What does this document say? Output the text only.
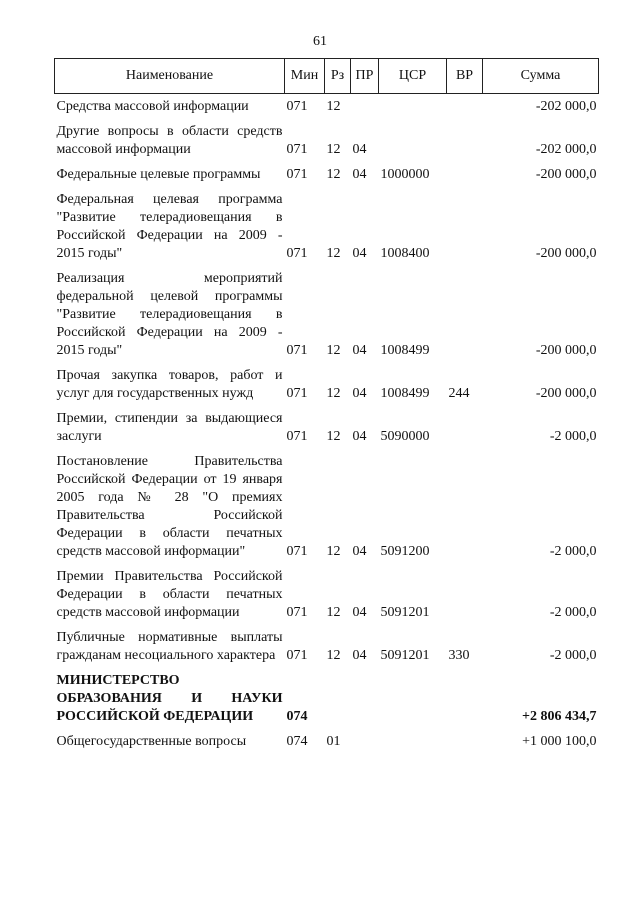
61
Наименование	Мин	Рз	ПР	ЦСР	ВР	Сумма
Средства массовой информации	071	12				-202 000,0
Другие вопросы в области средств массовой информации	071	12	04			-202 000,0
Федеральные целевые программы	071	12	04	1000000		-200 000,0
Федеральная целевая программа "Развитие телерадиовещания в Российской Федерации на 2009 - 2015 годы"	071	12	04	1008400		-200 000,0
Реализация мероприятий федеральной целевой программы "Развитие телерадиовещания в Российской Федерации на 2009 - 2015 годы"	071	12	04	1008499		-200 000,0
Прочая закупка товаров, работ и услуг для государственных нужд	071	12	04	1008499	244	-200 000,0
Премии, стипендии за выдающиеся заслуги	071	12	04	5090000		-2 000,0
Постановление Правительства Российской Федерации от 19 января 2005 года № 28 "О премиях Правительства Российской Федерации в области печатных средств массовой информации"	071	12	04	5091200		-2 000,0
Премии Правительства Российской Федерации в области печатных средств массовой информации	071	12	04	5091201		-2 000,0
Публичные нормативные выплаты гражданам несоциального характера	071	12	04	5091201	330	-2 000,0
МИНИСТЕРСТВО ОБРАЗОВАНИЯ И НАУКИ РОССИЙСКОЙ ФЕДЕРАЦИИ	074					+2 806 434,7
Общегосударственные вопросы	074	01				+1 000 100,0
